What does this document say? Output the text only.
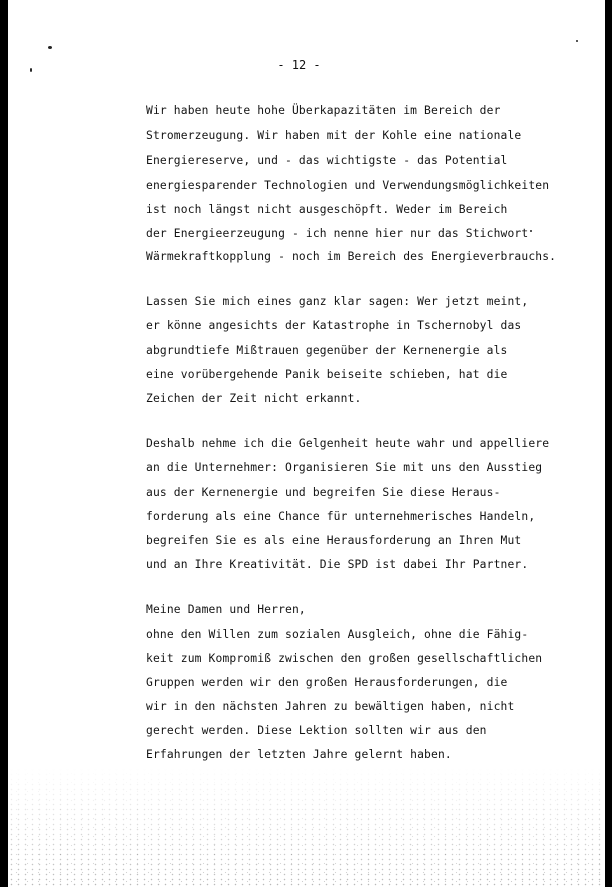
- 12 -
Wir haben heute hohe Überkapazitäten im Bereich der
Stromerzeugung. Wir haben mit der Kohle eine nationale
Energiereserve, und - das wichtigste - das Potential
energiesparender Technologien und Verwendungsmöglichkeiten
ist noch längst nicht ausgeschöpft. Weder im Bereich
der Energieerzeugung - ich nenne hier nur das Stichwort
Wärmekraftkopplung - noch im Bereich des Energieverbrauchs.
Lassen Sie mich eines ganz klar sagen: Wer jetzt meint,
er könne angesichts der Katastrophe in Tschernobyl das
abgrundtiefe Mißtrauen gegenüber der Kernenergie als
eine vorübergehende Panik beiseite schieben, hat die
Zeichen der Zeit nicht erkannt.
Deshalb nehme ich die Gelgenheit heute wahr und appelliere
an die Unternehmer: Organisieren Sie mit uns den Ausstieg
aus der Kernenergie und begreifen Sie diese Heraus-
forderung als eine Chance für unternehmerisches Handeln,
begreifen Sie es als eine Herausforderung an Ihren Mut
und an Ihre Kreativität. Die SPD ist dabei Ihr Partner.
Meine Damen und Herren,
ohne den Willen zum sozialen Ausgleich, ohne die Fähig-
keit zum Kompromiß zwischen den großen gesellschaftlichen
Gruppen werden wir den großen Herausforderungen, die
wir in den nächsten Jahren zu bewältigen haben, nicht
gerecht werden. Diese Lektion sollten wir aus den
Erfahrungen der letzten Jahre gelernt haben.
